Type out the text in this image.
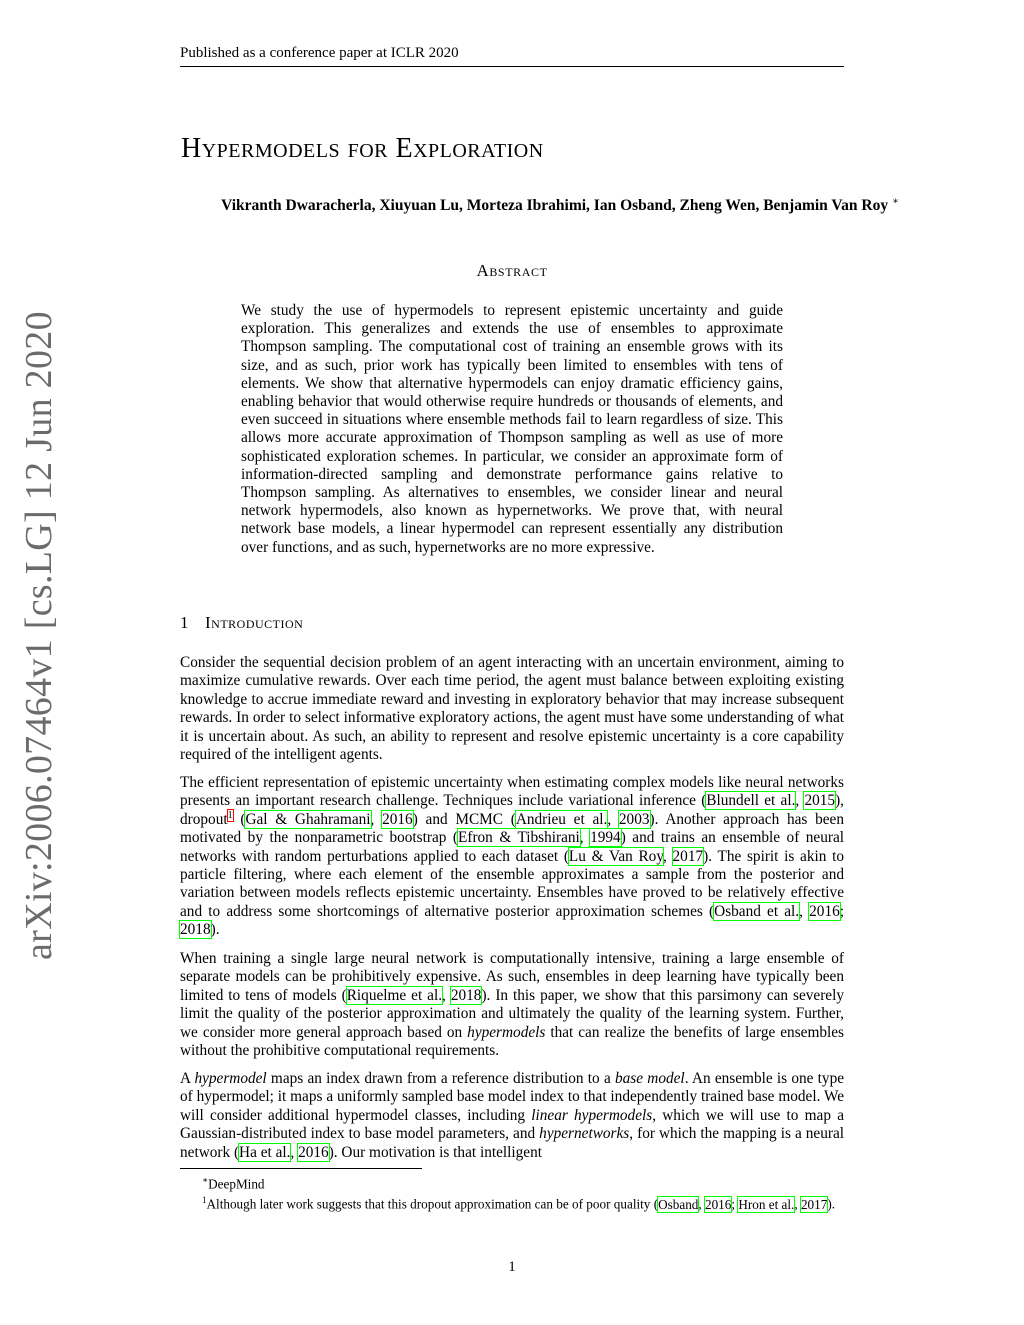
Published as a conference paper at ICLR 2020
arXiv:2006.07464v1 [cs.LG] 12 Jun 2020
Hypermodels for Exploration
Vikranth Dwaracherla, Xiuyuan Lu, Morteza Ibrahimi, Ian Osband, Zheng Wen, Benjamin Van Roy ∗
Abstract
We study the use of hypermodels to represent epistemic uncertainty and guide exploration. This generalizes and extends the use of ensembles to approximate Thompson sampling. The computational cost of training an ensemble grows with its size, and as such, prior work has typically been limited to ensembles with tens of elements. We show that alternative hypermodels can enjoy dramatic efficiency gains, enabling behavior that would otherwise require hundreds or thousands of elements, and even succeed in situations where ensemble methods fail to learn regardless of size. This allows more accurate approximation of Thompson sampling as well as use of more sophisticated exploration schemes. In particular, we consider an approximate form of information-directed sampling and demonstrate performance gains relative to Thompson sampling. As alternatives to ensembles, we consider linear and neural network hypermodels, also known as hypernetworks. We prove that, with neural network base models, a linear hypermodel can represent essentially any distribution over functions, and as such, hypernetworks are no more expressive.
1 Introduction

Consider the sequential decision problem of an agent interacting with an uncertain environment, aiming to maximize cumulative rewards. Over each time period, the agent must balance between exploiting existing knowledge to accrue immediate reward and investing in exploratory behavior that may increase subsequent rewards. In order to select informative exploratory actions, the agent must have some understanding of what it is uncertain about. As such, an ability to represent and resolve epistemic uncertainty is a core capability required of the intelligent agents.

The efficient representation of epistemic uncertainty when estimating complex models like neural networks presents an important research challenge. Techniques include variational inference (Blundell et al., 2015), dropout$^1$ (Gal & Ghahramani, 2016) and MCMC (Andrieu et al., 2003). Another approach has been motivated by the nonparametric bootstrap (Efron & Tibshirani, 1994) and trains an ensemble of neural networks with random perturbations applied to each dataset (Lu & Van Roy, 2017). The spirit is akin to particle filtering, where each element of the ensemble approximates a sample from the posterior and variation between models reflects epistemic uncertainty. Ensembles have proved to be relatively effective and to address some shortcomings of alternative posterior approximation schemes (Osband et al., 2016; 2018).

When training a single large neural network is computationally intensive, training a large ensemble of separate models can be prohibitively expensive. As such, ensembles in deep learning have typically been limited to tens of models (Riquelme et al., 2018). In this paper, we show that this parsimony can severely limit the quality of the posterior approximation and ultimately the quality of the learning system. Further, we consider more general approach based on hypermodels that can realize the benefits of large ensembles without the prohibitive computational requirements.

A hypermodel maps an index drawn from a reference distribution to a base model. An ensemble is one type of hypermodel; it maps a uniformly sampled base model index to that independently trained base model. We will consider additional hypermodel classes, including linear hypermodels, which we will use to map a Gaussian-distributed index to base model parameters, and hypernetworks, for which the mapping is a neural network (Ha et al., 2016). Our motivation is that intelligent

∗DeepMind
$^1$Although later work suggests that this dropout approximation can be of poor quality (Osband, 2016; Hron et al., 2017).
1
